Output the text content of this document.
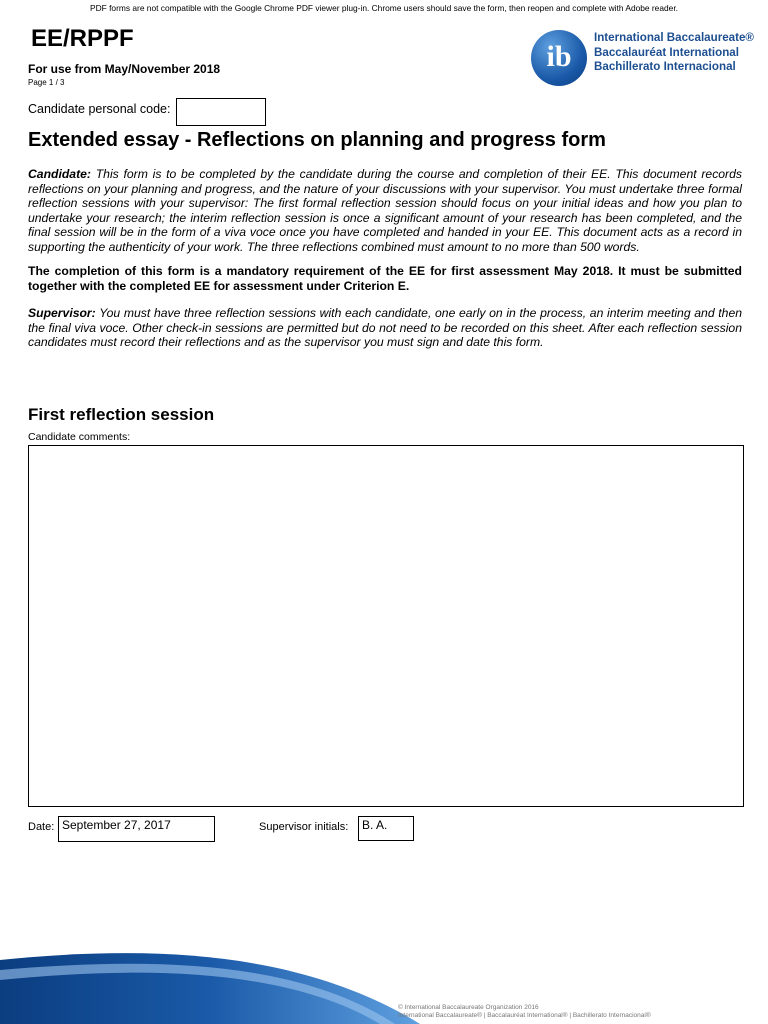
PDF forms are not compatible with the Google Chrome PDF viewer plug-in. Chrome users should save the form, then reopen and complete with Adobe reader.
EE/RPPF
For use from May/November 2018
Page 1 / 3
ib
International Baccalaureate®
Baccalauréat International
Bachillerato Internacional
Candidate personal code:
Extended essay - Reflections on planning and progress form
Candidate: This form is to be completed by the candidate during the course and completion of their EE. This document records reflections on your planning and progress, and the nature of your discussions with your supervisor. You must undertake three formal reflection sessions with your supervisor: The first formal reflection session should focus on your initial ideas and how you plan to undertake your research; the interim reflection session is once a significant amount of your research has been completed, and the final session will be in the form of a viva voce once you have completed and handed in your EE. This document acts as a record in supporting the authenticity of your work. The three reflections combined must amount to no more than 500 words.
The completion of this form is a mandatory requirement of the EE for first assessment May 2018. It must be submitted together with the completed EE for assessment under Criterion E.
Supervisor: You must have three reflection sessions with each candidate, one early on in the process, an interim meeting and then the final viva voce. Other check-in sessions are permitted but do not need to be recorded on this sheet. After each reflection session candidates must record their reflections and as the supervisor you must sign and date this form.
First reflection session
Candidate comments:
Date: September 27, 2017	Supervisor initials:	B. A.
© International Baccalaureate Organization 2016
International Baccalaureate® | Baccalauréat International® | Bachillerato Internacional®
